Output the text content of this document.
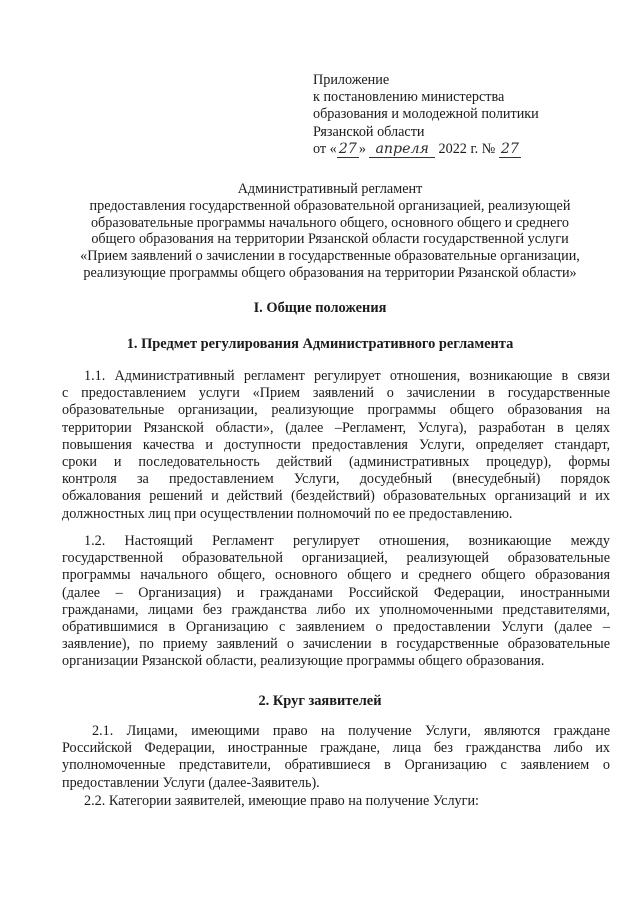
Приложение
к постановлению министерства
образования и молодежной политики
Рязанской области
от « 27 » апреля 2022 г. № 27
Административный регламент
предоставления государственной образовательной организацией, реализующей
образовательные программы начального общего, основного общего и среднего
общего образования на территории Рязанской области государственной услуги
«Прием заявлений о зачислении в государственные образовательные организации,
реализующие программы общего образования на территории Рязанской области»
I. Общие положения
1. Предмет регулирования Административного регламента
1.1. Административный регламент регулирует отношения, возникающие в связи
с предоставлением услуги «Прием заявлений о зачислении в государственные
образовательные организации, реализующие программы общего образования на
территории Рязанской области», (далее –Регламент, Услуга), разработан в целях
повышения качества и доступности предоставления Услуги, определяет стандарт,
сроки и последовательность действий (административных процедур), формы
контроля за предоставлением Услуги, досудебный (внесудебный) порядок
обжалования решений и действий (бездействий) образовательных организаций и их
должностных лиц при осуществлении полномочий по ее предоставлению.
1.2. Настоящий Регламент регулирует отношения, возникающие между
государственной образовательной организацией, реализующей образовательные
программы начального общего, основного общего и среднего общего образования
(далее – Организация) и гражданами Российской Федерации, иностранными
гражданами, лицами без гражданства либо их уполномоченными представителями,
обратившимися в Организацию с заявлением о предоставлении Услуги (далее –
заявление), по приему заявлений о зачислении в государственные образовательные
организации Рязанской области, реализующие программы общего образования.
2. Круг заявителей
2.1. Лицами, имеющими право на получение Услуги, являются граждане
Российской Федерации, иностранные граждане, лица без гражданства либо их
уполномоченные представители, обратившиеся в Организацию с заявлением о
предоставлении Услуги (далее-Заявитель).
2.2. Категории заявителей, имеющие право на получение Услуги:
